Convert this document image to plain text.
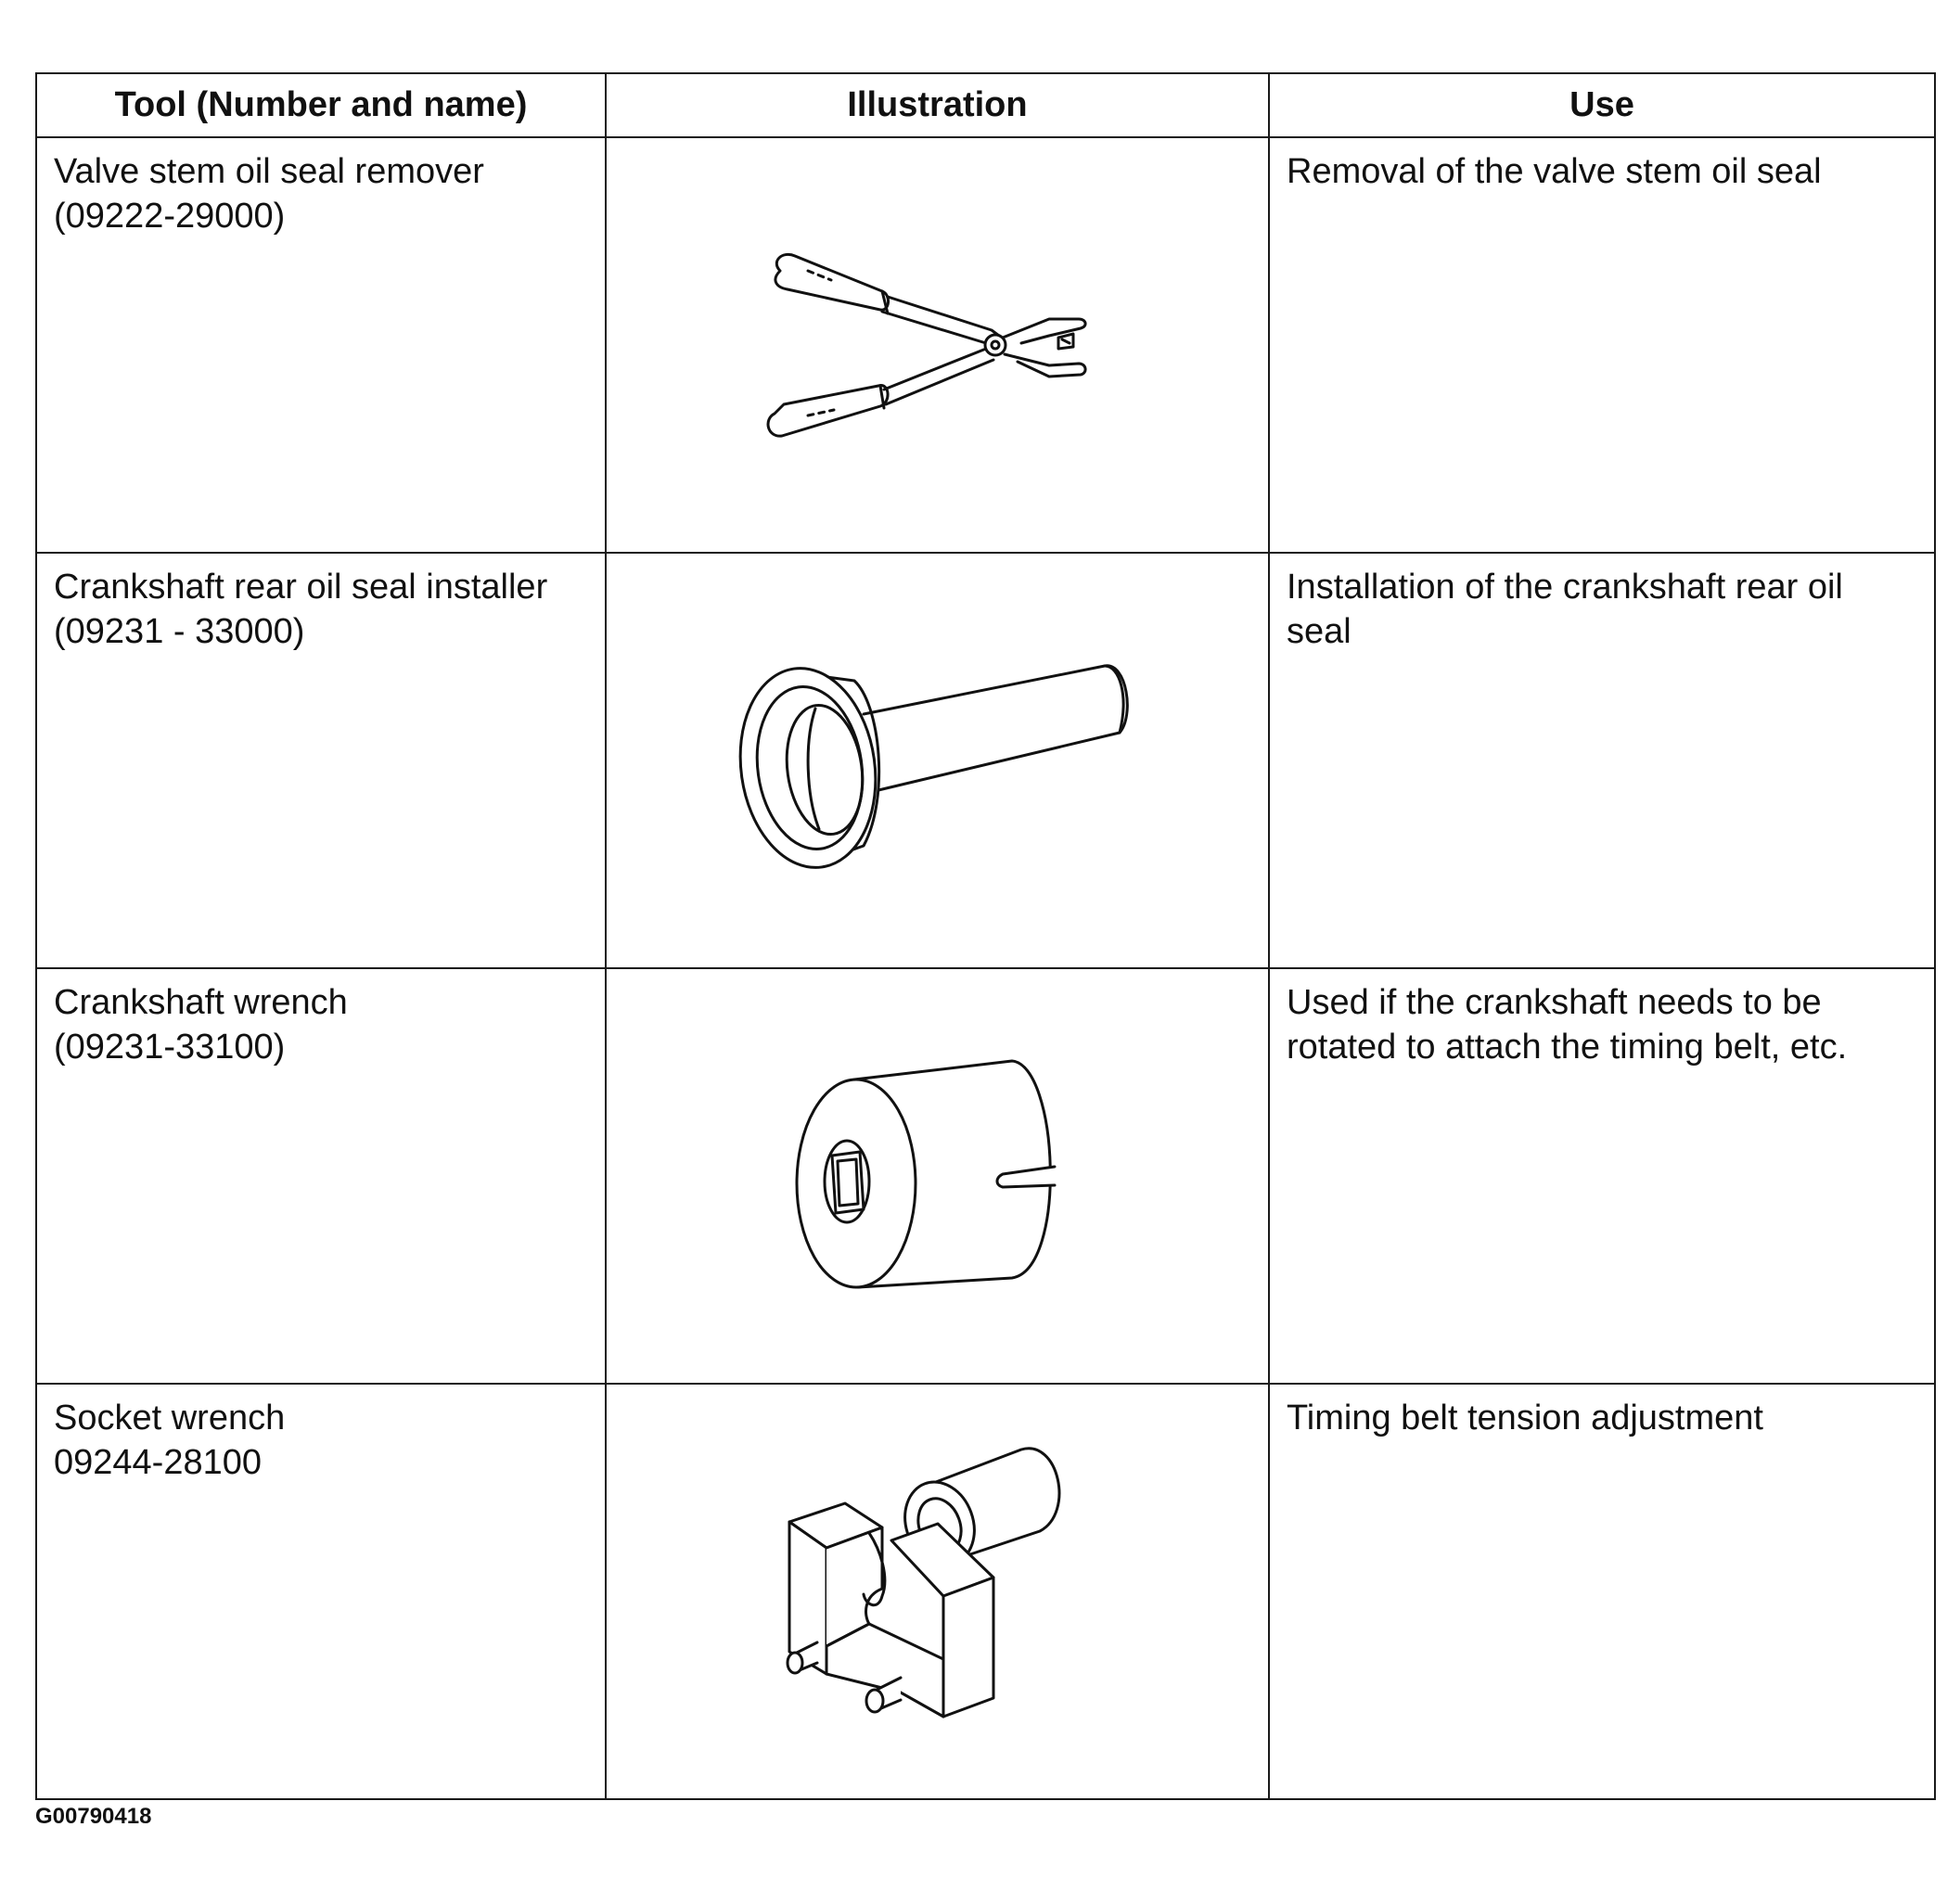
Tool (Number and name)	Illustration	Use

Valve stem oil seal remover
(09222-29000)		Removal of the valve stem oil seal

Crankshaft rear oil seal installer
(09231 - 33000)		Installation of the crankshaft rear oil seal

Crankshaft wrench
(09231-33100)		Used if the crankshaft needs to be
rotated to attach the timing belt, etc.

Socket wrench
09244-28100		Timing belt tension adjustment
G00790418
